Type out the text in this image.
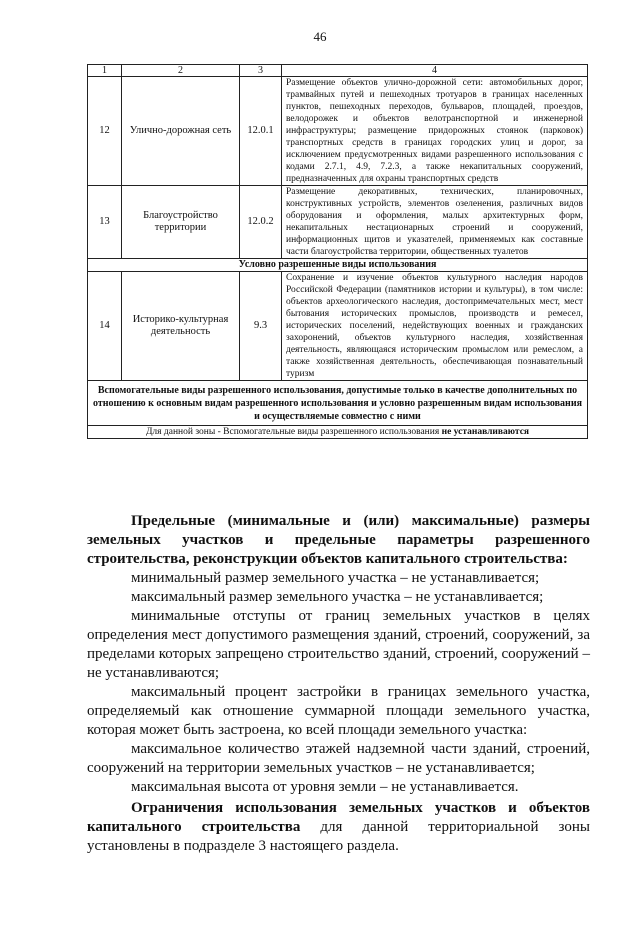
46
1	2	3	4
12	Улично-дорожная сеть	12.0.1	Размещение объектов улично-дорожной сети: автомобильных дорог, трамвайных путей и пешеходных тротуаров в границах населенных пунктов, пешеходных переходов, бульваров, площадей, проездов, велодорожек и объектов велотранспортной и инженерной инфраструктуры; размещение придорожных стоянок (парковок) транспортных средств в границах городских улиц и дорог, за исключением предусмотренных видами разрешенного использования с кодами 2.7.1, 4.9, 7.2.3, а также некапитальных сооружений, предназначенных для охраны транспортных средств
13	Благоустройство территории	12.0.2	Размещение декоративных, технических, планировочных, конструктивных устройств, элементов озеленения, различных видов оборудования и оформления, малых архитектурных форм, некапитальных нестационарных строений и сооружений, информационных щитов и указателей, применяемых как составные части благоустройства территории, общественных туалетов
Условно разрешенные виды использования			
14	Историко-культурная деятельность	9.3	Сохранение и изучение объектов культурного наследия народов Российской Федерации (памятников истории и культуры), в том числе: объектов археологического наследия, достопримечательных мест, мест бытования исторических промыслов, производств и ремесел, исторических поселений, недействующих военных и гражданских захоронений, объектов культурного наследия, хозяйственная деятельность, являющаяся историческим промыслом или ремеслом, а также хозяйственная деятельность, обеспечивающая познавательный туризм
Вспомогательные виды разрешенного использования, допустимые только в качестве дополнительных по отношению к основным видам разрешенного использования и условно разрешенным видам использования и осуществляемые совместно с ними			
Для данной зоны - Вспомогательные виды разрешенного использования не устанавливаются			

Предельные (минимальные и (или) максимальные) размеры земельных участков и предельные параметры разрешенного строительства, реконструкции объектов капитального строительства:

минимальный размер земельного участка – не устанавливается;

максимальный размер земельного участка – не устанавливается;

минимальные отступы от границ земельных участков в целях определения мест допустимого размещения зданий, строений, сооружений, за пределами которых запрещено строительство зданий, строений, сооружений – не устанавливаются;

максимальный процент застройки в границах земельного участка, определяемый как отношение суммарной площади земельного участка, которая может быть застроена, ко всей площади земельного участка:

максимальное количество этажей надземной части зданий, строений, сооружений на территории земельных участков – не устанавливается;

максимальная высота от уровня земли – не устанавливается.

Ограничения использования земельных участков и объектов капитального строительства для данной территориальной зоны установлены в подразделе 3 настоящего раздела.
